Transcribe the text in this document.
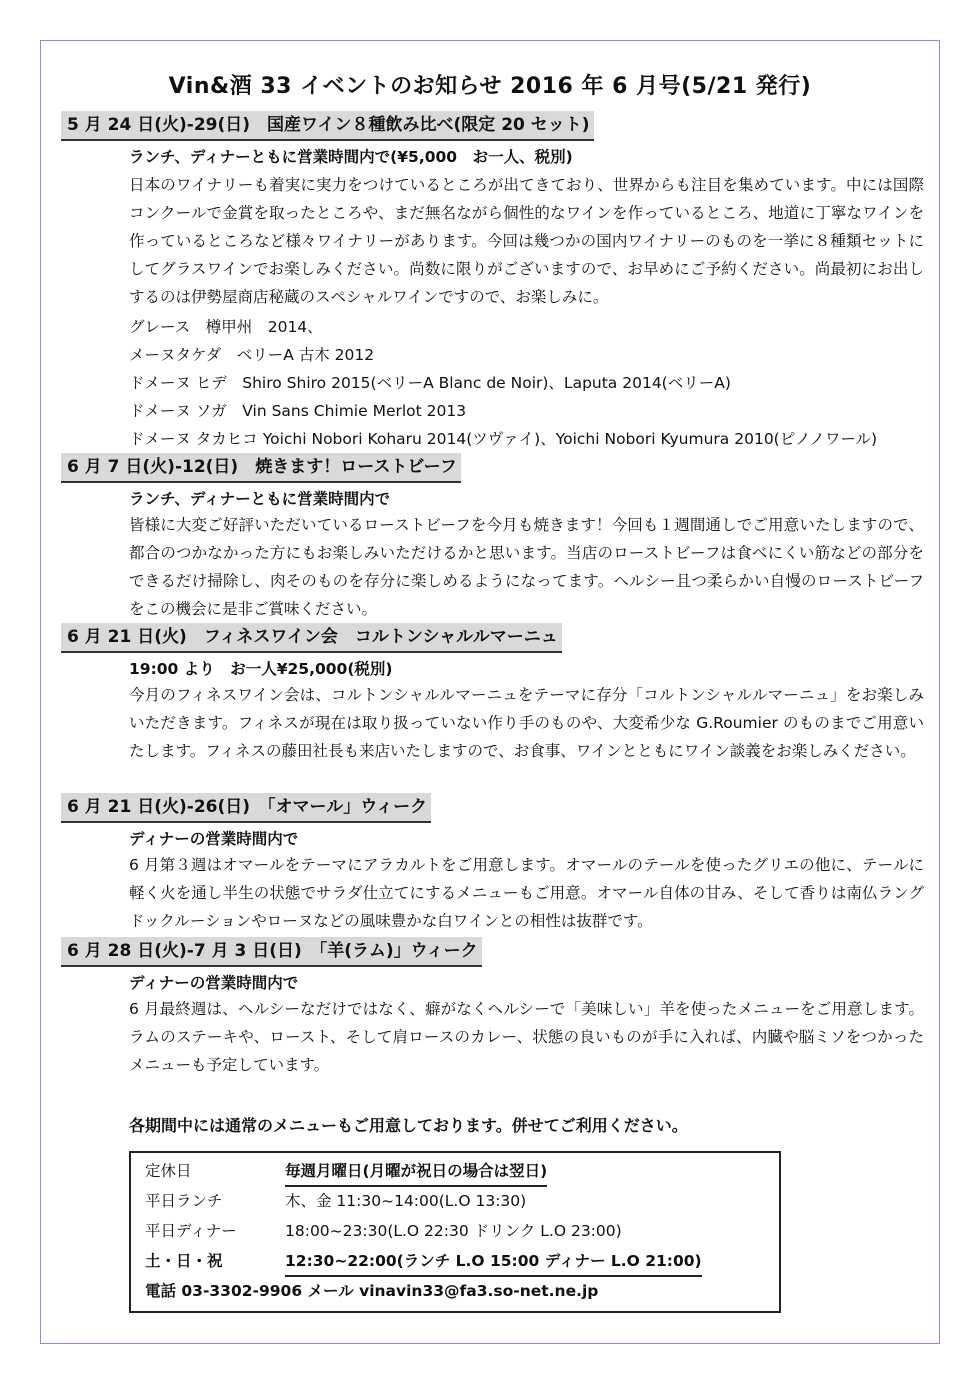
Vin&酒 33 イベントのお知らせ 2016 年 6 月号(5/21 発行)
5 月 24 日(火)-29(日)　国産ワイン８種飲み比べ(限定 20 セット)
ランチ、ディナーともに営業時間内で(¥5,000　お一人、税別)
日本のワイナリーも着実に実力をつけているところが出てきており、世界からも注目を集めています。中には国際コンクールで金賞を取ったところや、まだ無名ながら個性的なワインを作っているところ、地道に丁寧なワインを作っているところなど様々ワイナリーがあります。今回は幾つかの国内ワイナリーのものを一挙に８種類セットにしてグラスワインでお楽しみください。尚数に限りがございますので、お早めにご予約ください。尚最初にお出しするのは伊勢屋商店秘蔵のスペシャルワインですので、お楽しみに。
グレース　樽甲州　2014、
メーヌタケダ　ベリーA 古木 2012
ドメーヌ ヒデ　Shiro Shiro 2015(ベリーA Blanc de Noir)、Laputa 2014(ベリーA)
ドメーヌ ソガ　Vin Sans Chimie Merlot 2013
ドメーヌ タカヒコ Yoichi Nobori Koharu 2014(ツヴァイ)、Yoichi Nobori Kyumura 2010(ピノノワール)
6 月 7 日(火)-12(日)　焼きます！ローストビーフ
ランチ、ディナーともに営業時間内で
皆様に大変ご好評いただいているローストビーフを今月も焼きます！今回も１週間通しでご用意いたしますので、都合のつかなかった方にもお楽しみいただけるかと思います。当店のローストビーフは食べにくい筋などの部分をできるだけ掃除し、肉そのものを存分に楽しめるようになってます。ヘルシー且つ柔らかい自慢のローストビーフをこの機会に是非ご賞味ください。
6 月 21 日(火)　フィネスワイン会　コルトンシャルルマーニュ
19:00 より　お一人¥25,000(税別)
今月のフィネスワイン会は、コルトンシャルルマーニュをテーマに存分「コルトンシャルルマーニュ」をお楽しみいただきます。フィネスが現在は取り扱っていない作り手のものや、大変希少な G.Roumier のものまでご用意いたします。フィネスの藤田社長も来店いたしますので、お食事、ワインとともにワイン談義をお楽しみください。
6 月 21 日(火)-26(日)　「オマール」ウィーク
ディナーの営業時間内で
6 月第３週はオマールをテーマにアラカルトをご用意します。オマールのテールを使ったグリエの他に、テールに軽く火を通し半生の状態でサラダ仕立てにするメニューもご用意。オマール自体の甘み、そして香りは南仏ラングドックルーションやローヌなどの風味豊かな白ワインとの相性は抜群です。
6 月 28 日(火)-7 月 3 日(日)　「羊(ラム)」ウィーク
ディナーの営業時間内で
6 月最終週は、ヘルシーなだけではなく、癖がなくヘルシーで「美味しい」羊を使ったメニューをご用意します。ラムのステーキや、ロースト、そして肩ロースのカレー、状態の良いものが手に入れば、内臓や脳ミソをつかったメニューも予定しています。
各期間中には通常のメニューもご用意しております。併せてご利用ください。
定休日	毎週月曜日(月曜が祝日の場合は翌日)
平日ランチ	木、金 11:30~14:00(L.O 13:30)
平日ディナー	18:00~23:30(L.O 22:30 ドリンク L.O 23:00)
土・日・祝	12:30~22:00(ランチ L.O 15:00 ディナー L.O 21:00)
電話 03-3302-9906 メール vinavin33@fa3.so-net.ne.jp
